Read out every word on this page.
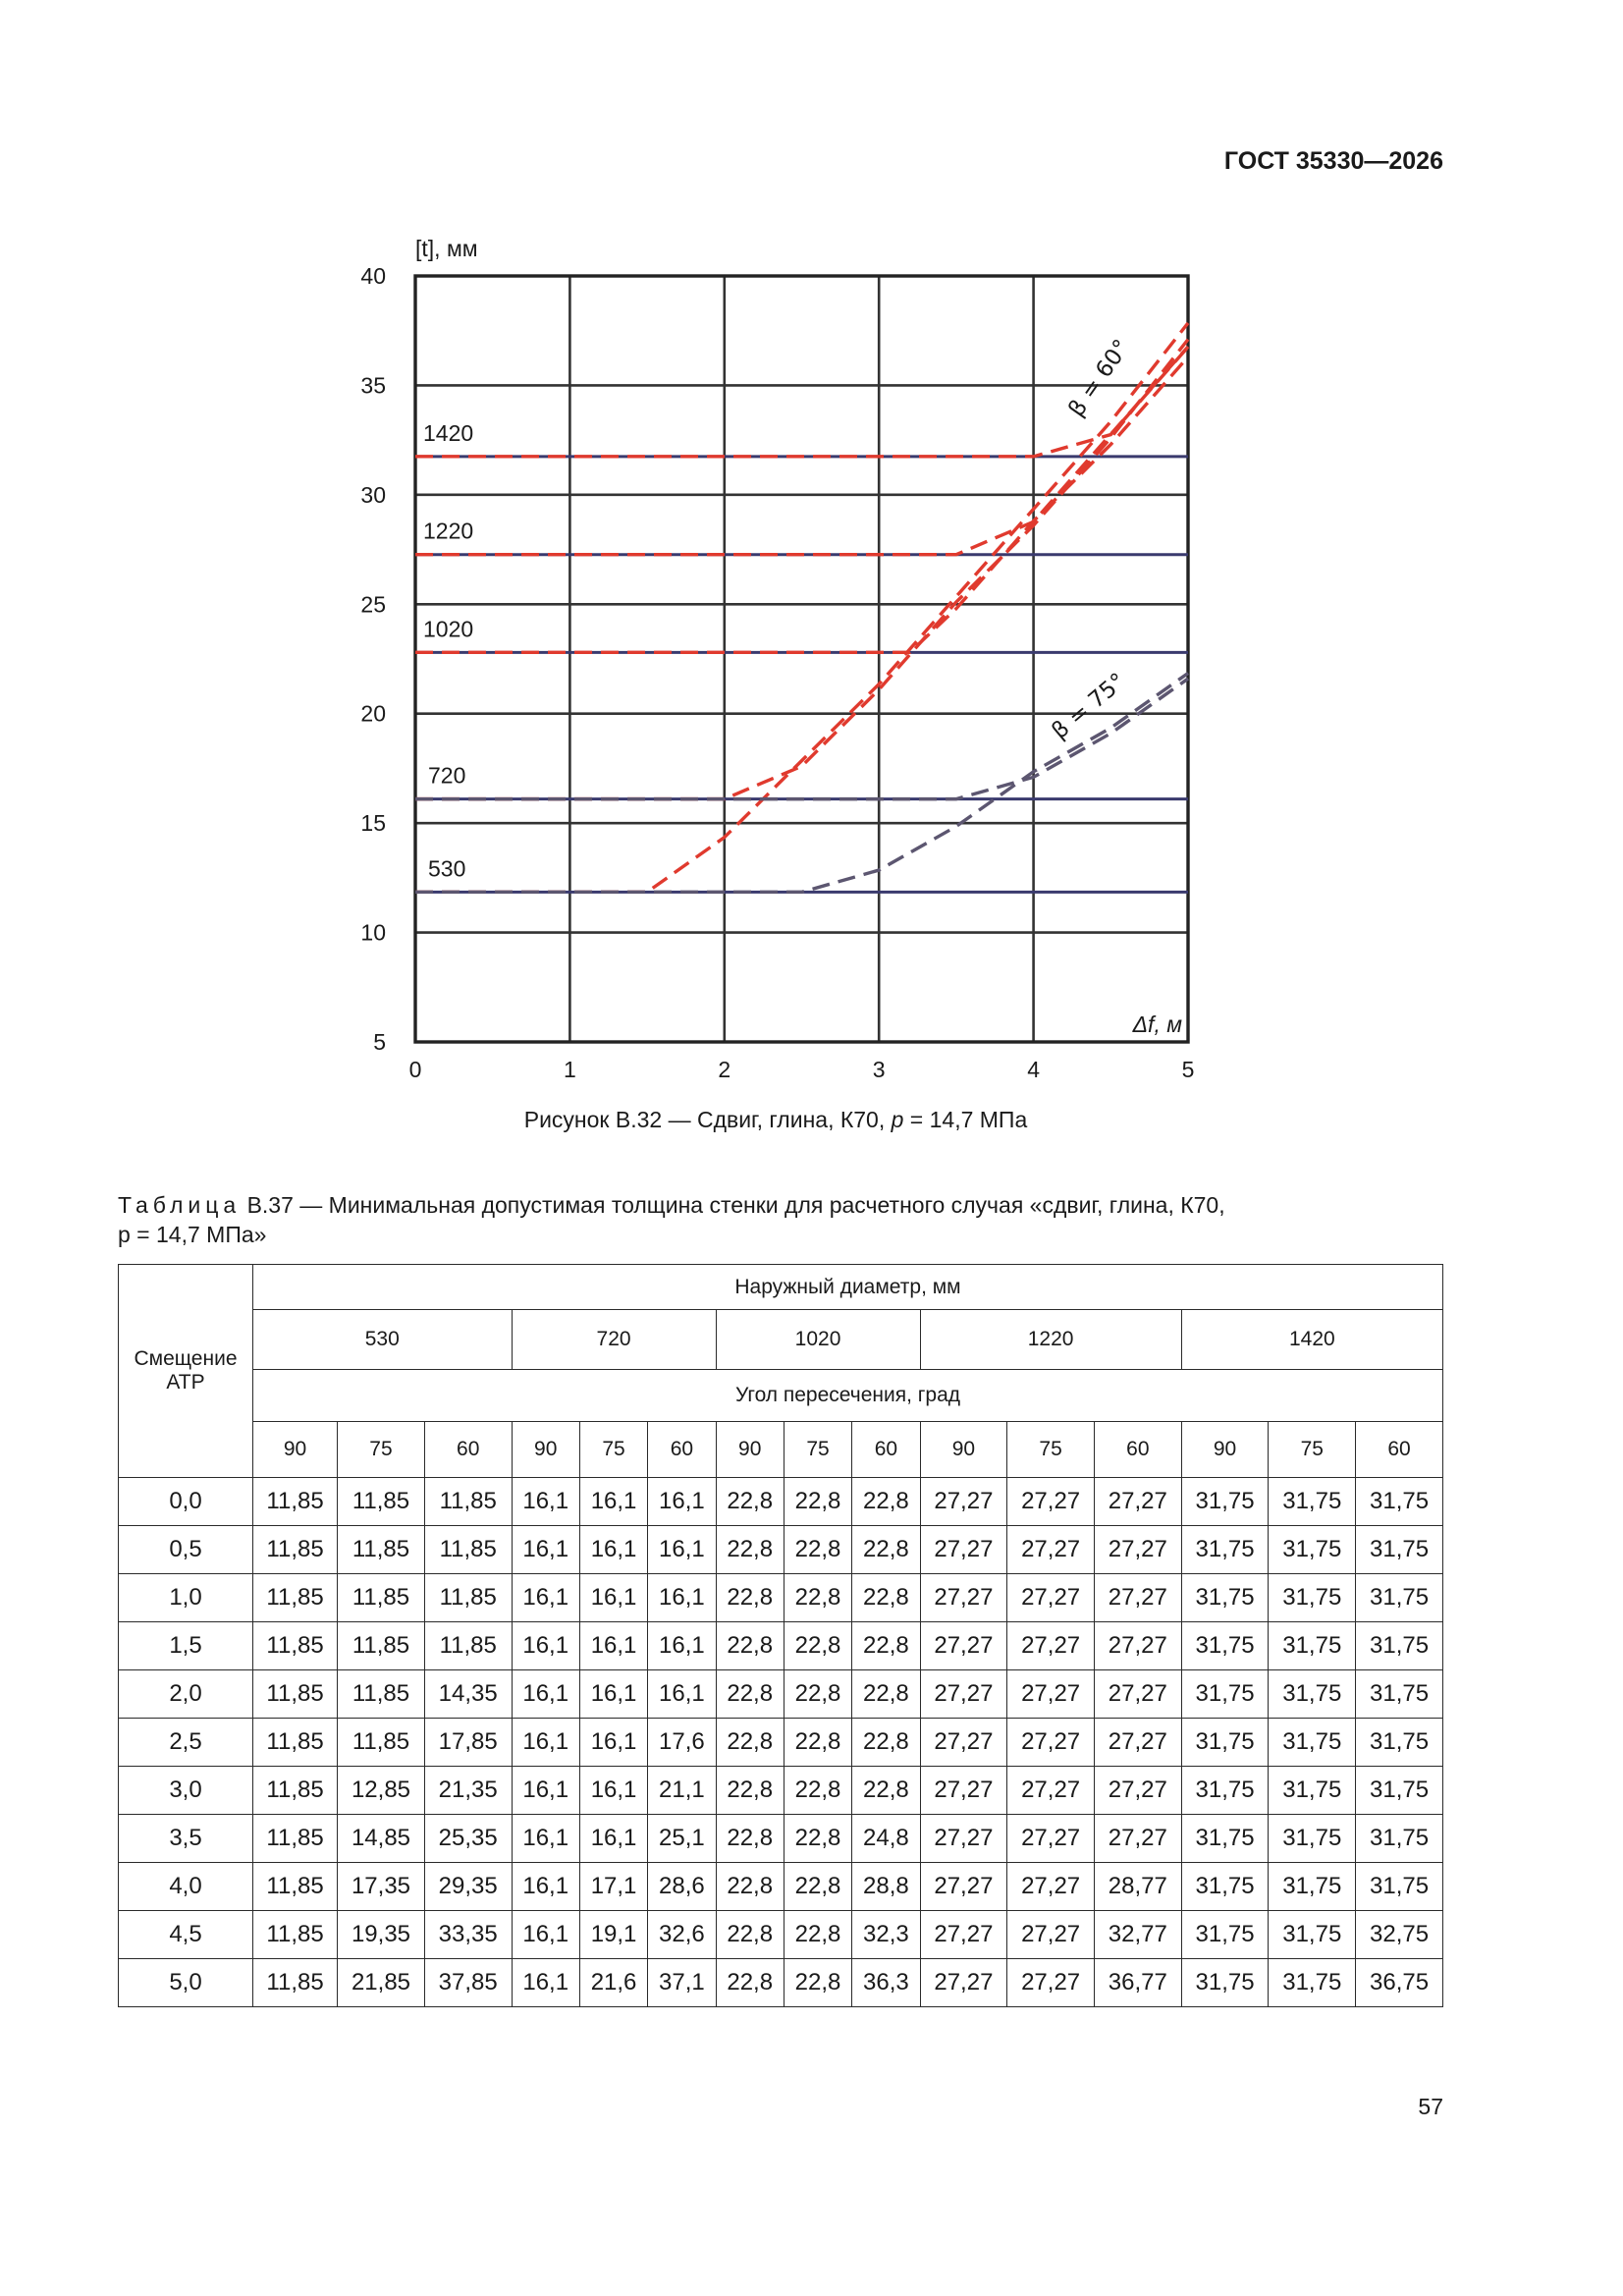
ГОСТ 35330—2026
0	1	2	3	4	5
5
10
15
20
25
30
35
40
[t], мм
Δf, м
530
720
1020
1220
1420
β = 60°
β = 75°
Рисунок В.32 — Сдвиг, глина, К70, p = 14,7 МПа
Таблица В.37 — Минимальная допустимая толщина стенки для расчетного случая «сдвиг, глина, К70,
p = 14,7 МПа»
Смещение АТР	Наружный диаметр, мм														
	530			720			1020			1220			1420		
	Угол пересечения, град														
	90	75	60	90	75	60	90	75	60	90	75	60	90	75	60
0,0	11,85	11,85	11,85	16,1	16,1	16,1	22,8	22,8	22,8	27,27	27,27	27,27	31,75	31,75	31,75
0,5	11,85	11,85	11,85	16,1	16,1	16,1	22,8	22,8	22,8	27,27	27,27	27,27	31,75	31,75	31,75
1,0	11,85	11,85	11,85	16,1	16,1	16,1	22,8	22,8	22,8	27,27	27,27	27,27	31,75	31,75	31,75
1,5	11,85	11,85	11,85	16,1	16,1	16,1	22,8	22,8	22,8	27,27	27,27	27,27	31,75	31,75	31,75
2,0	11,85	11,85	14,35	16,1	16,1	16,1	22,8	22,8	22,8	27,27	27,27	27,27	31,75	31,75	31,75
2,5	11,85	11,85	17,85	16,1	16,1	17,6	22,8	22,8	22,8	27,27	27,27	27,27	31,75	31,75	31,75
3,0	11,85	12,85	21,35	16,1	16,1	21,1	22,8	22,8	22,8	27,27	27,27	27,27	31,75	31,75	31,75
3,5	11,85	14,85	25,35	16,1	16,1	25,1	22,8	22,8	24,8	27,27	27,27	27,27	31,75	31,75	31,75
4,0	11,85	17,35	29,35	16,1	17,1	28,6	22,8	22,8	28,8	27,27	27,27	28,77	31,75	31,75	31,75
4,5	11,85	19,35	33,35	16,1	19,1	32,6	22,8	22,8	32,3	27,27	27,27	32,77	31,75	31,75	32,75
5,0	11,85	21,85	37,85	16,1	21,6	37,1	22,8	22,8	36,3	27,27	27,27	36,77	31,75	31,75	36,75
57
